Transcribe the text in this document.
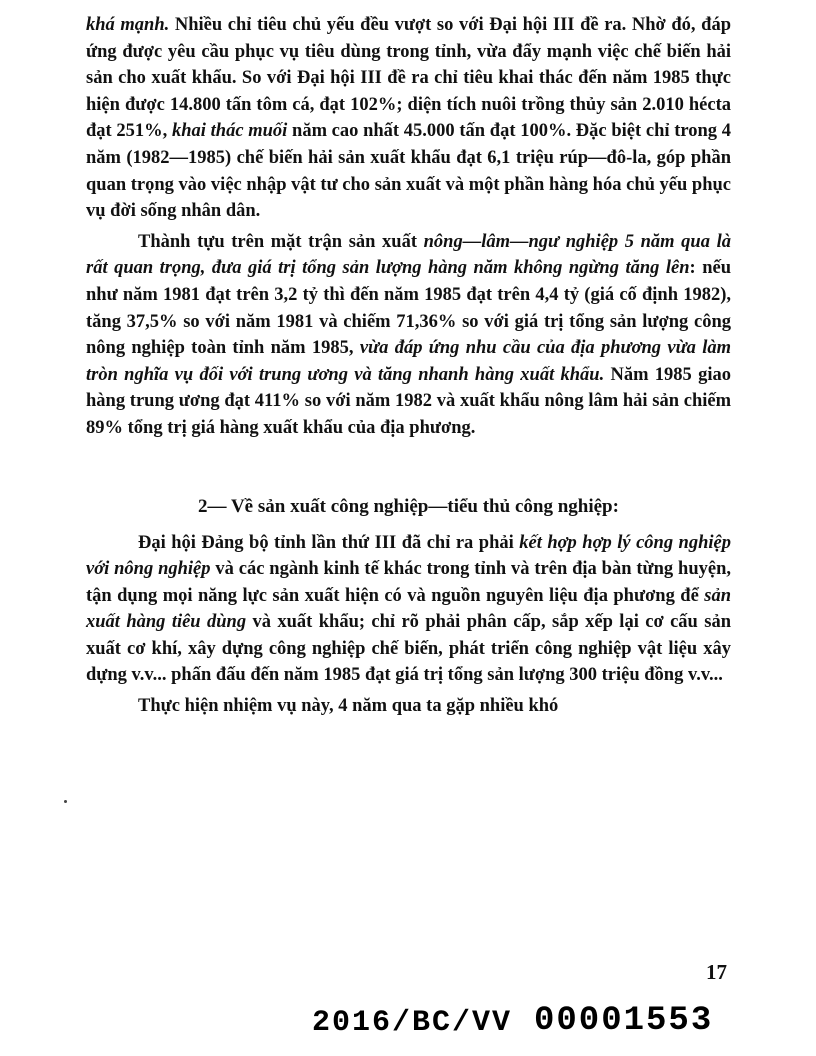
khá mạnh. Nhiều chỉ tiêu chủ yếu đều vượt so với Đại hội III đề ra. Nhờ đó, đáp ứng được yêu cầu phục vụ tiêu dùng trong tỉnh, vừa đẩy mạnh việc chế biến hải sản cho xuất khẩu. So với Đại hội III đề ra chỉ tiêu khai thác đến năm 1985 thực hiện được 14.800 tấn tôm cá, đạt 102%; diện tích nuôi trồng thủy sản 2.010 hécta đạt 251%, khai thác muối năm cao nhất 45.000 tấn đạt 100%. Đặc biệt chỉ trong 4 năm (1982—1985) chế biến hải sản xuất khẩu đạt 6,1 triệu rúp—đô-la, góp phần quan trọng vào việc nhập vật tư cho sản xuất và một phần hàng hóa chủ yếu phục vụ đời sống nhân dân.

Thành tựu trên mặt trận sản xuất nông—lâm—ngư nghiệp 5 năm qua là rất quan trọng, đưa giá trị tổng sản lượng hàng năm không ngừng tăng lên: nếu như năm 1981 đạt trên 3,2 tỷ thì đến năm 1985 đạt trên 4,4 tỷ (giá cố định 1982), tăng 37,5% so với năm 1981 và chiếm 71,36% so với giá trị tổng sản lượng công nông nghiệp toàn tỉnh năm 1985, vừa đáp ứng nhu cầu của địa phương vừa làm tròn nghĩa vụ đối với trung ương và tăng nhanh hàng xuất khẩu. Năm 1985 giao hàng trung ương đạt 411% so với năm 1982 và xuất khẩu nông lâm hải sản chiếm 89% tổng trị giá hàng xuất khẩu của địa phương.

2— Về sản xuất công nghiệp—tiểu thủ công nghiệp:

Đại hội Đảng bộ tỉnh lần thứ III đã chỉ ra phải kết hợp hợp lý công nghiệp với nông nghiệp và các ngành kinh tế khác trong tỉnh và trên địa bàn từng huyện, tận dụng mọi năng lực sản xuất hiện có và nguồn nguyên liệu địa phương để sản xuất hàng tiêu dùng và xuất khẩu; chỉ rõ phải phân cấp, sắp xếp lại cơ cấu sản xuất cơ khí, xây dựng công nghiệp chế biến, phát triển công nghiệp vật liệu xây dựng v.v... phấn đấu đến năm 1985 đạt giá trị tổng sản lượng 300 triệu đồng v.v...

Thực hiện nhiệm vụ này, 4 năm qua ta gặp nhiều khó

17
2016/BC/VV 00001553
